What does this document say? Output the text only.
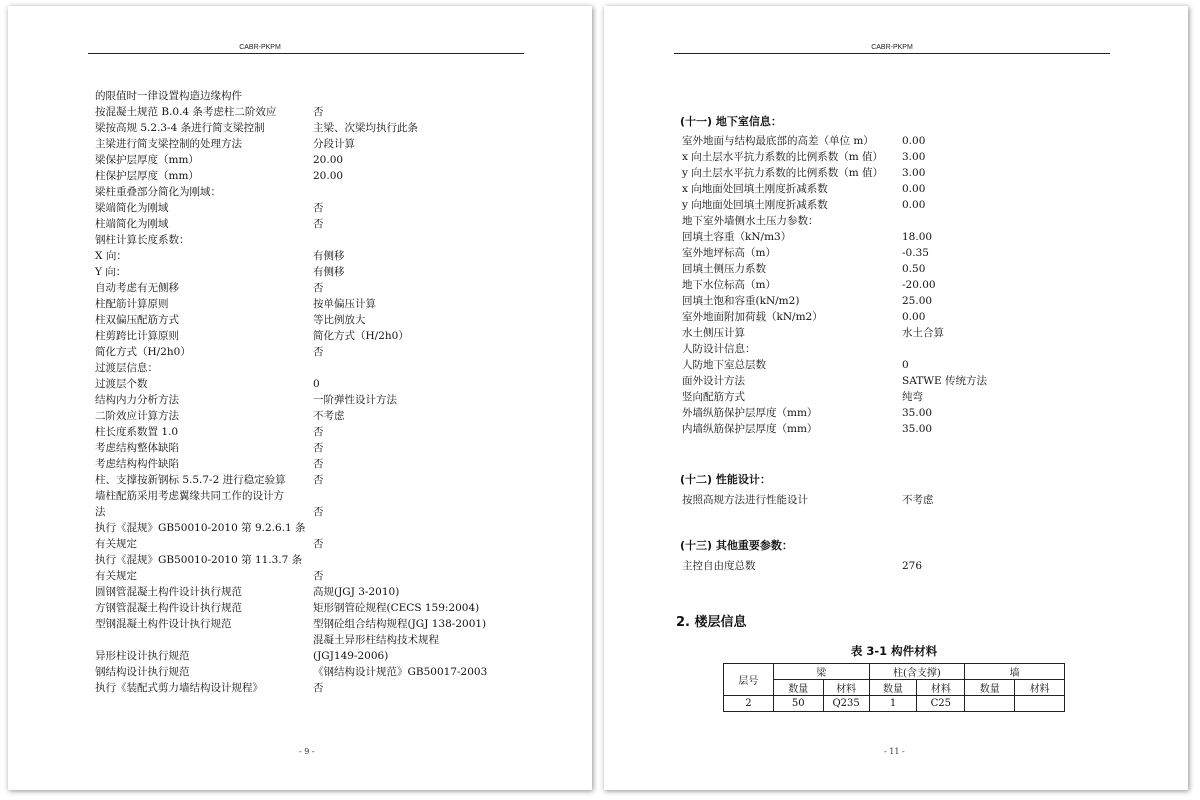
CABR-PKPM
的限值时一律设置构造边缘构件
按混凝土规范 B.0.4 条考虑柱二阶效应	否
梁按高规 5.2.3-4 条进行简支梁控制	主梁、次梁均执行此条
主梁进行简支梁控制的处理方法	分段计算
梁保护层厚度（mm）	20.00
柱保护层厚度（mm）	20.00
梁柱重叠部分简化为刚域：
梁端简化为刚域	否
柱端简化为刚域	否
钢柱计算长度系数：
X 向：	有侧移
Y 向：	有侧移
自动考虑有无侧移	否
柱配筋计算原则	按单偏压计算
柱双偏压配筋方式	等比例放大
柱剪跨比计算原则	简化方式（H/2h0）
简化方式（H/2h0）	否
过渡层信息：
过渡层个数	0
结构内力分析方法	一阶弹性设计方法
二阶效应计算方法	不考虑
柱长度系数置 1.0	否
考虑结构整体缺陷	否
考虑结构构件缺陷	否
柱、支撑按新钢标 5.5.7-2 进行稳定验算	否
墙柱配筋采用考虑翼缘共同工作的设计方
法	否
执行《混规》GB50010-2010 第 9.2.6.1 条
有关规定	否
执行《混规》GB50010-2010 第 11.3.7 条
有关规定	否
圆钢管混凝土构件设计执行规范	高规(JGJ 3-2010)
方钢管混凝土构件设计执行规范	矩形钢管砼规程(CECS 159:2004)
型钢混凝土构件设计执行规范	型钢砼组合结构规程(JGJ 138-2001)
混凝土异形柱结构技术规程
异形柱设计执行规范	(JGJ149-2006)
钢结构设计执行规范	《钢结构设计规范》GB50017-2003
执行《装配式剪力墙结构设计规程》	否
- 9 -
CABR-PKPM
(十一) 地下室信息：
室外地面与结构最底部的高差（单位 m）	0.00
x 向土层水平抗力系数的比例系数（m 值） 3.00
y 向土层水平抗力系数的比例系数（m 值） 3.00
x 向地面处回填土刚度折减系数	0.00
y 向地面处回填土刚度折减系数	0.00
地下室外墙侧水土压力参数：
回填土容重（kN/m3）	18.00
室外地坪标高（m）	-0.35
回填土侧压力系数	0.50
地下水位标高（m）	-20.00
回填土饱和容重(kN/m2)	25.00
室外地面附加荷载（kN/m2）	0.00
水土侧压计算	水土合算
人防设计信息：
人防地下室总层数	0
面外设计方法	SATWE 传统方法
竖向配筋方式	纯弯
外墙纵筋保护层厚度（mm）	35.00
内墙纵筋保护层厚度（mm）	35.00
(十二) 性能设计：
按照高规方法进行性能设计	不考虑
(十三) 其他重要参数：
主控自由度总数	276
2. 楼层信息
表 3-1 构件材料
层号	梁		柱(含支撑)		墙	
	数量	材料	数量	材料	数量	材料
2	50	Q235	1	C25		
- 11 -
